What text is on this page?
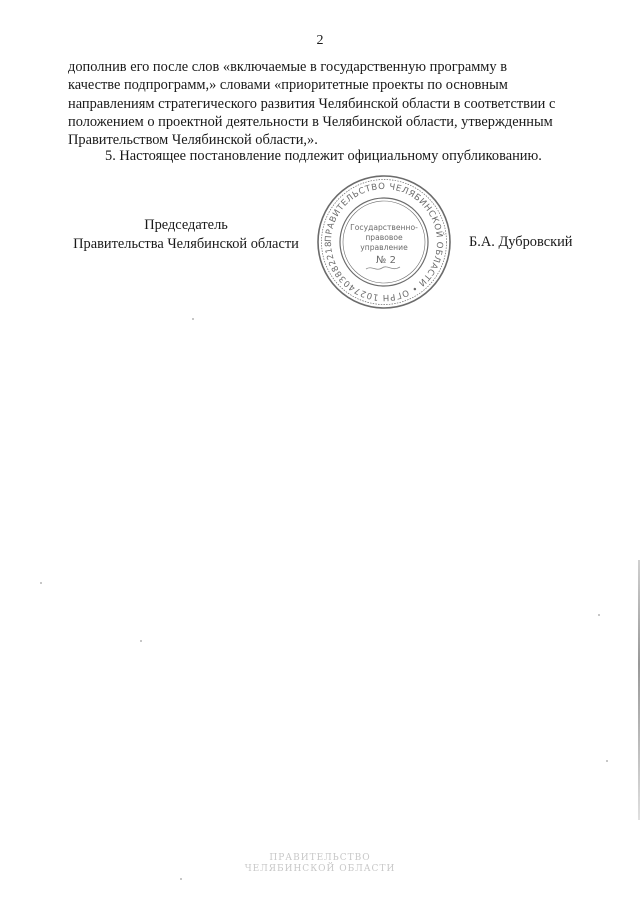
2
дополнив его после слов «включаемые в государственную программу в
качестве подпрограмм,» словами «приоритетные проекты по основным
направлениям стратегического развития Челябинской области в соответствии с
положением о проектной деятельности в Челябинской области, утвержденным
Правительством Челябинской области,».
5. Настоящее постановление подлежит официальному опубликованию.
Председатель
Правительства Челябинской области	ПРАВИТЕЛЬСТВО ЧЕЛЯБИНСКОЙ ОБЛАСТИ • ОГРН 1027403882218
Государственно-
правовое
управление
№ 2
Б.А. Дубровский
ПРАВИТЕЛЬСТВО
ЧЕЛЯБИНСКОЙ ОБЛАСТИ
